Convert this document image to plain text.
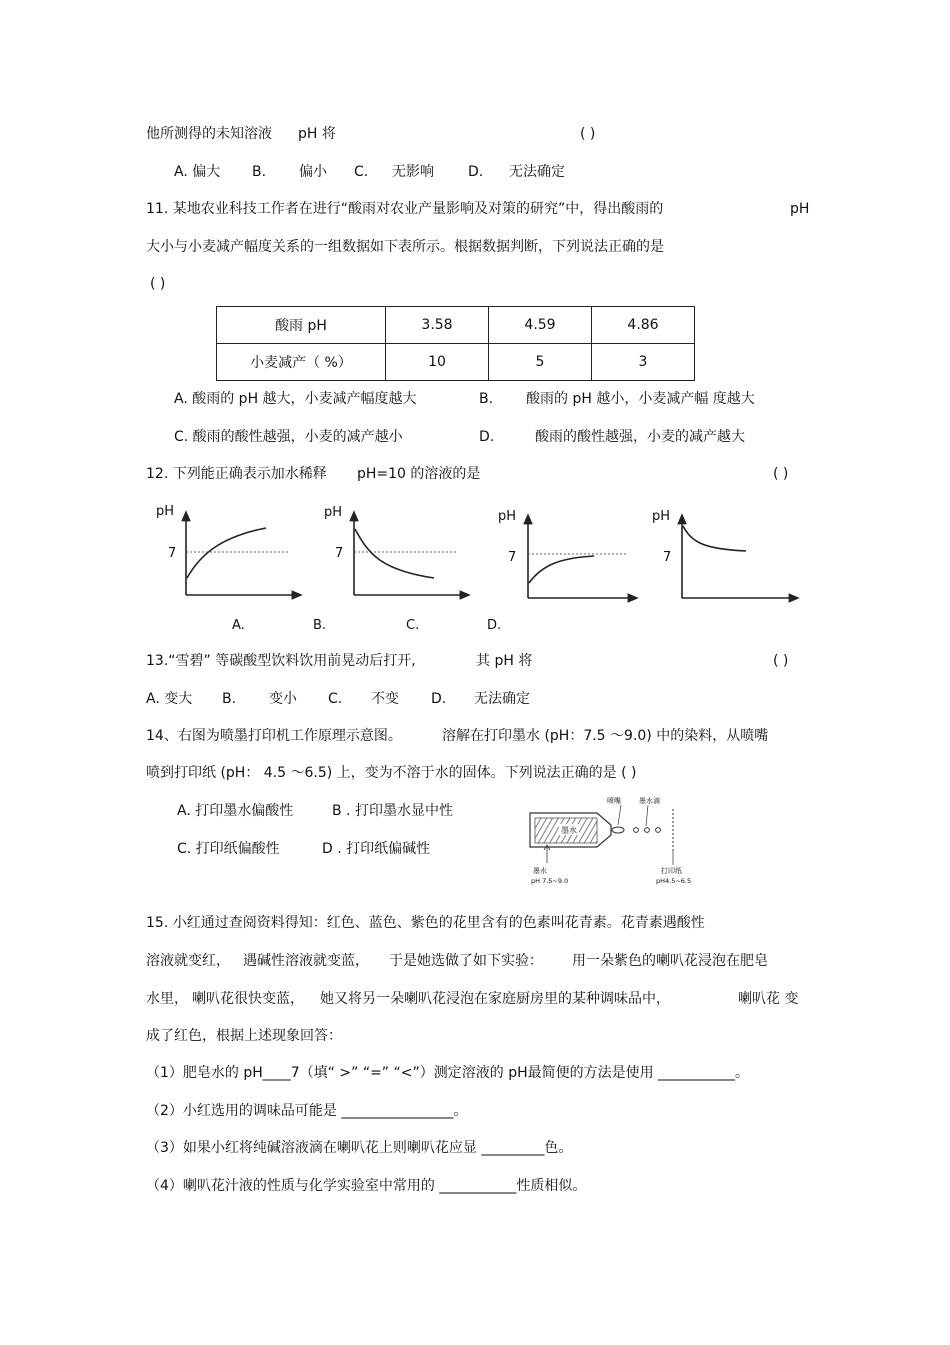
他所测得的未知溶液 pH 将	( )
A. 偏大 B. 偏小 C. 无影响 D. 无法确定
11. 某地农业科技工作者在进行“酸雨对农业产量影响及对策的研究”中，得出酸雨的	pH
大小与小麦减产幅度关系的一组数据如下表所示。根据数据判断，下列说法正确的是
( )
酸雨 pH	3.58	4.59	4.86
小麦减产（ %）	10	5	3
A. 酸雨的 pH 越大，小麦减产幅度越大	B. 酸雨的 pH 越小，小麦减产幅 度越大
C. 酸雨的酸性越强，小麦的减产越小	D.	酸雨的酸性越强，小麦的减产越大
12. 下列能正确表示加水稀释 pH=10 的溶液的是	( )
pH
7
A.
pH
7
B.
pH
7
C.
pH
7
D.
13.“雪碧” 等碳酸型饮料饮用前晃动后打开,	其 pH 将	( )
A. 变大 B. 变小 C. 不变 D. 无法确定
14、右图为喷墨打印机工作原理示意图。	溶解在打印墨水 (pH：7.5 ～9.0) 中的染料，从喷嘴
喷到打印纸 (pH： 4.5 ～6.5) 上，变为不溶于水的固体。下列说法正确的是 ( )
A. 打印墨水偏酸性	B . 打印墨水显中性
C. 打印纸偏酸性	D . 打印纸偏碱性
墨水
喷嘴	墨水滴
墨水
pH 7.5~9.0
打印纸
pH4.5~6.5
15. 小红通过查阅资料得知：红色、蓝色、紫色的花里含有的色素叫花青素。花青素遇酸性
溶液就变红， 遇碱性溶液就变蓝， 于是她选做了如下实验： 用一朵紫色的喇叭花浸泡在肥皂
水里， 喇叭花很快变蓝， 她又将另一朵喇叭花浸泡在家庭厨房里的某种调味品中，	喇叭花 变
成了红色，根据上述现象回答：
（1）肥皂水的 pH____7（填“ >” “=” “<”）测定溶液的 pH最简便的方法是使用 ___________。
（2）小红选用的调味品可能是 ________________。
（3）如果小红将纯碱溶液滴在喇叭花上则喇叭花应显 _________色。
（4）喇叭花汁液的性质与化学实验室中常用的 ___________性质相似。
